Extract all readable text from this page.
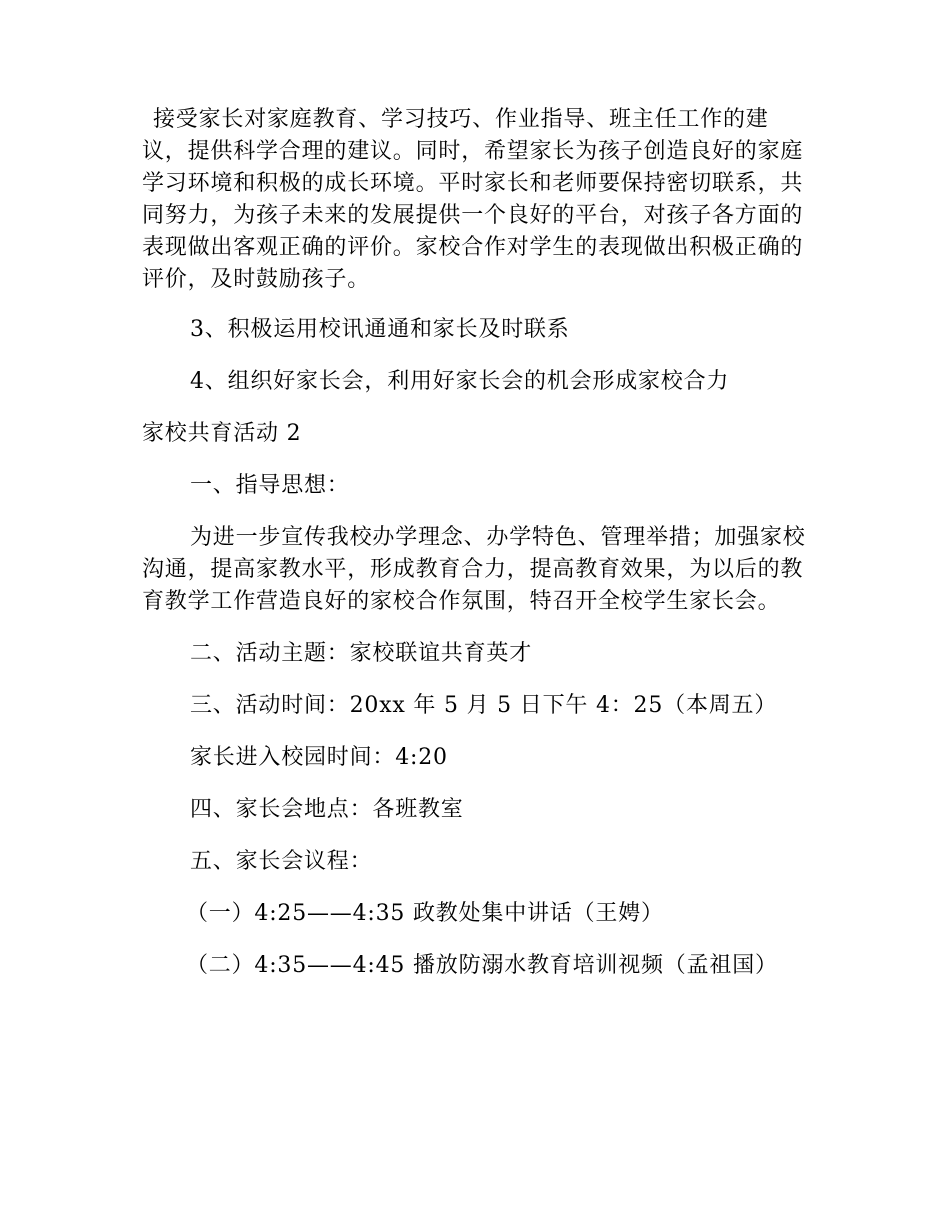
接受家长对家庭教育、学习技巧、作业指导、班主任工作的建议，提供科学合理的建议。同时，希望家长为孩子创造良好的家庭学习环境和积极的成长环境。平时家长和老师要保持密切联系，共同努力，为孩子未来的发展提供一个良好的平台，对孩子各方面的表现做出客观正确的评价。家校合作对学生的表现做出积极正确的评价，及时鼓励孩子。

3、积极运用校讯通通和家长及时联系

4、组织好家长会，利用好家长会的机会形成家校合力

家校共育活动 2

一、指导思想：

为进一步宣传我校办学理念、办学特色、管理举措；加强家校沟通，提高家教水平，形成教育合力，提高教育效果，为以后的教育教学工作营造良好的家校合作氛围，特召开全校学生家长会。

二、活动主题：家校联谊共育英才

三、活动时间：20xx 年 5 月 5 日下午 4：25（本周五）

家长进入校园时间：4:20

四、家长会地点：各班教室

五、家长会议程：

（一）4:25——4:35 政教处集中讲话（王娉）

（二）4:35——4:45 播放防溺水教育培训视频（孟祖国）
